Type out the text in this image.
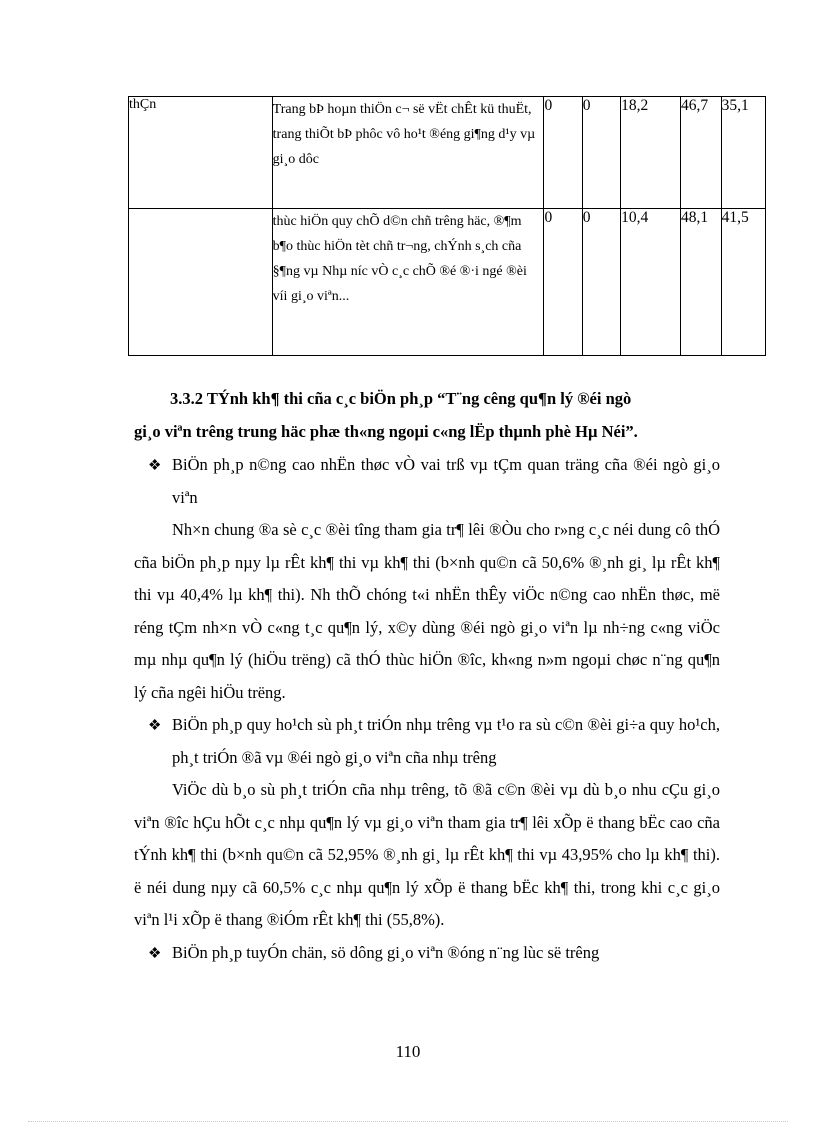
thÇn	Trang bÞ hoµn thiÖn c¬ së vËt chÊt kü thuËt, trang thiÕt bÞ phôc vô ho¹t ®éng gi¶ng d¹y vµ gi¸o dôc	0	0	18,2	46,7	35,1
	thùc hiÖn quy chÕ d©n chñ trêng häc, ®¶m b¶o thùc hiÖn tèt chñ tr¬ng, chÝnh s¸ch cña §¶ng vµ Nhµ níc vÒ c¸c chÕ ®é ®·i ngé ®èi víi gi¸o viªn...	0	0	10,4	48,1	41,5
3.3.2 TÝnh kh¶ thi cña c¸c biÖn ph¸p “T¨ng cêng qu¶n lý ®éi ngò
gi¸o viªn trêng trung häc phæ th«ng ngoµi c«ng lËp thµnh phè Hµ Néi”.
❖ BiÖn ph¸p n©ng cao nhËn thøc vÒ vai trß vµ tÇm quan träng cña ®éi ngò gi¸o viªn

Nh×n chung ®a sè c¸c ®èi tîng tham gia tr¶ lêi ®Òu cho r»ng c¸c néi dung cô thÓ cña biÖn ph¸p nµy lµ rÊt kh¶ thi vµ kh¶ thi (b×nh qu©n cã 50,6% ®¸nh gi¸ lµ rÊt kh¶ thi vµ 40,4% lµ kh¶ thi). Nh thÕ chóng t«i nhËn thÊy viÖc n©ng cao nhËn thøc, më réng tÇm nh×n vÒ c«ng t¸c qu¶n lý, x©y dùng ®éi ngò gi¸o viªn lµ nh÷ng c«ng viÖc mµ nhµ qu¶n lý (hiÖu trëng) cã thÓ thùc hiÖn ®îc, kh«ng n»m ngoµi chøc n¨ng qu¶n lý cña ngêi hiÖu trëng.

❖ BiÖn ph¸p quy ho¹ch sù ph¸t triÓn nhµ trêng vµ t¹o ra sù c©n ®èi gi÷a quy ho¹ch, ph¸t triÓn ®ã vµ ®éi ngò gi¸o viªn cña nhµ trêng

ViÖc dù b¸o sù ph¸t triÓn cña nhµ trêng, tõ ®ã c©n ®èi vµ dù b¸o nhu cÇu gi¸o viªn ®îc hÇu hÕt c¸c nhµ qu¶n lý vµ gi¸o viªn tham gia tr¶ lêi xÕp ë thang bËc cao cña tÝnh kh¶ thi (b×nh qu©n cã 52,95% ®¸nh gi¸ lµ rÊt kh¶ thi vµ 43,95% cho lµ kh¶ thi). ë néi dung nµy cã 60,5% c¸c nhµ qu¶n lý xÕp ë thang bËc kh¶ thi, trong khi c¸c gi¸o viªn l¹i xÕp ë thang ®iÓm rÊt kh¶ thi (55,8%).

❖ BiÖn ph¸p tuyÓn chän, sö dông gi¸o viªn ®óng n¨ng lùc së trêng

110
